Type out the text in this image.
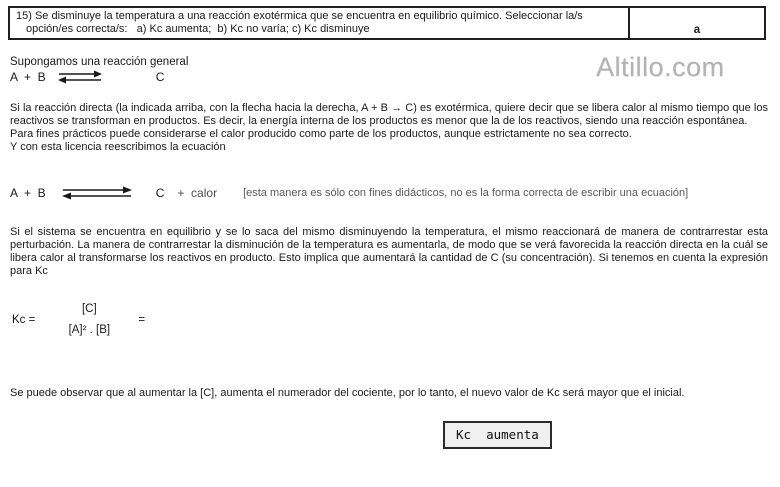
15) Se disminuye la temperatura a una reacción exotérmica que se encuentra en equilibrio químico. Seleccionar la/s
opción/es correcta/s:   a) Kc aumenta;  b) Kc no varía; c) Kc disminuye	a
Altillo.com
Supongamos una reacción general
A  +  B ⇌	C
Si la reacción directa (la indicada arriba, con la flecha hacia la derecha, A + B → C) es exotérmica, quiere decir que se libera calor al mismo tiempo que los reactivos se transforman en productos. Es decir, la energía interna de los productos es menor que la de los reactivos, siendo una reacción espontánea.
Para fines prácticos puede considerarse el calor producido como parte de los productos, aunque estrictamente no sea correcto.
Y con esta licencia reescribimos la ecuación
A  +  B	C +  calor [esta manera es sólo con fines didácticos, no es la forma correcta de escribir una ecuación]
Si el sistema se encuentra en equilibrio y se lo saca del mismo disminuyendo la temperatura, el mismo reaccionará de manera de contrarrestar esta perturbación. La manera de contrarrestar la disminución de la temperatura es aumentarla, de modo que se verá favorecida la reacción directa en la cuál se libera calor al transformarse los reactivos en producto. Esto implica que aumentará la cantidad de C (su concentración). Si tenemos en cuenta la expresión para Kc
Kc =
[C]
[A]² . [B]
=
Se puede observar que al aumentar la [C], aumenta el numerador del cociente, por lo tanto, el nuevo valor de Kc será mayor que el inicial.
Kc  aumenta
